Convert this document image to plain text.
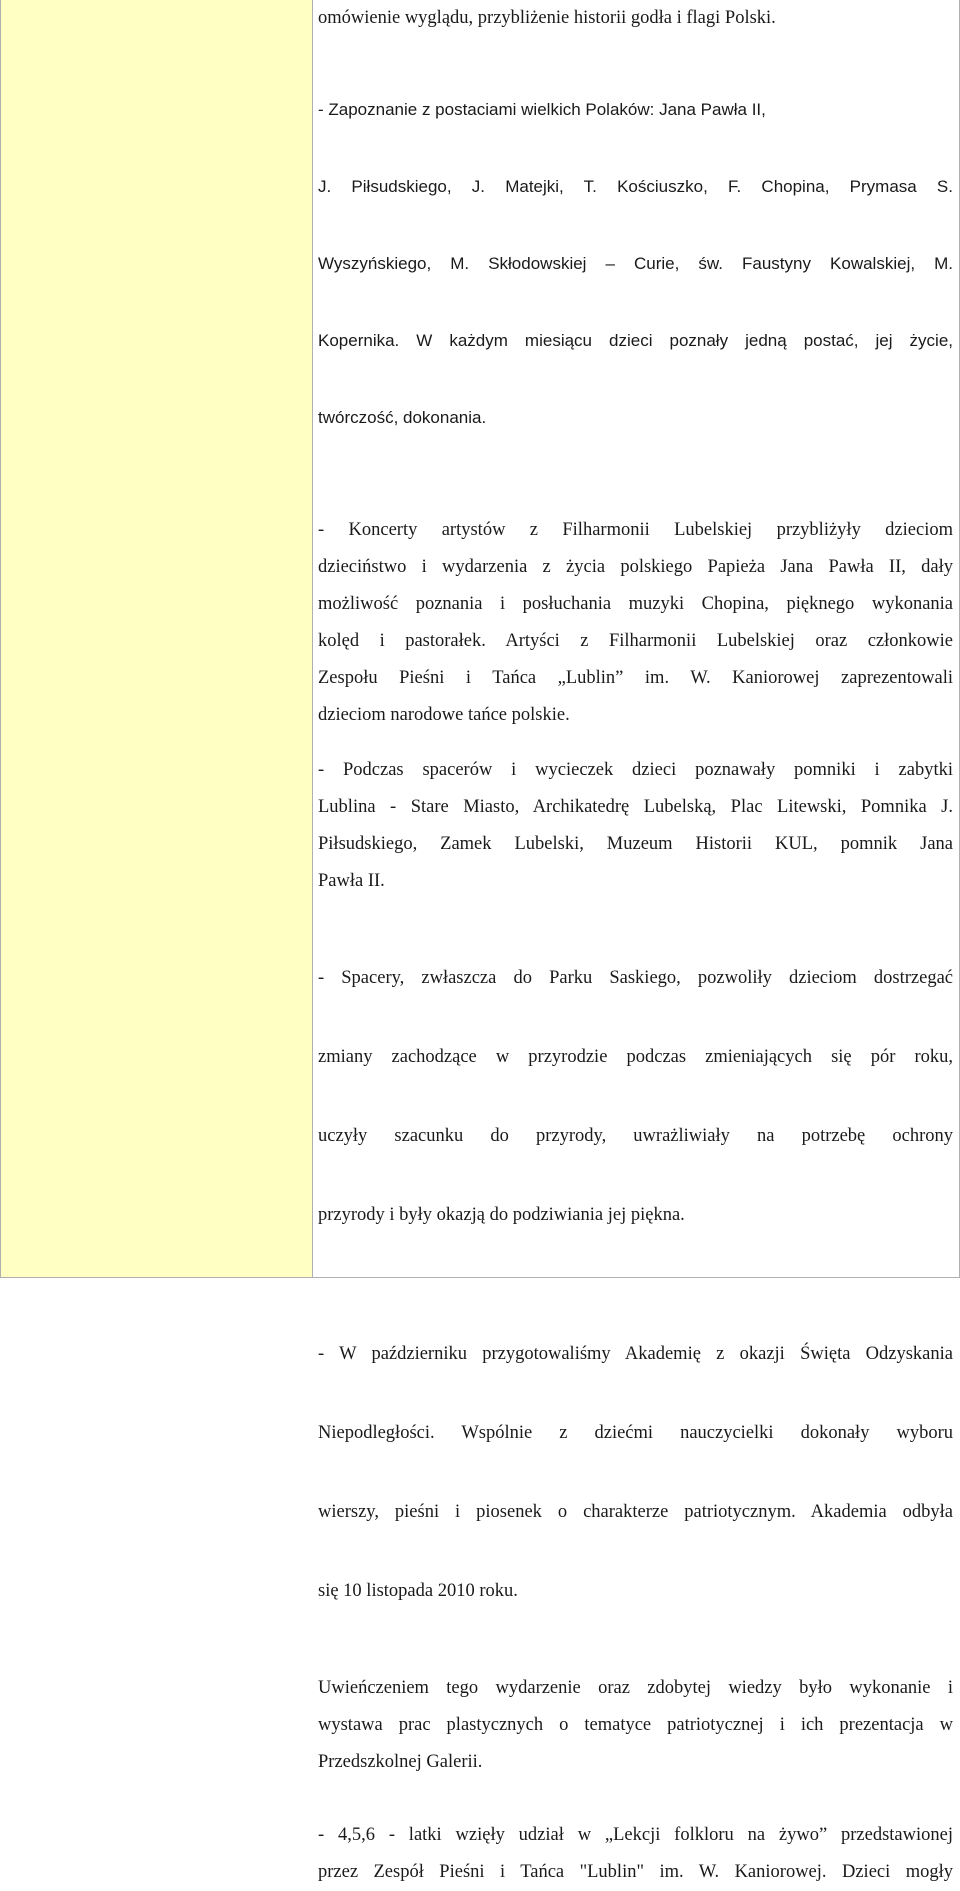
omówienie wyglądu, przybliżenie historii godła i flagi Polski.

- Zapoznanie z postaciami wielkich Polaków: Jana Pawła II,

J. Piłsudskiego, J. Matejki, T. Kościuszko, F. Chopina, Prymasa S.

Wyszyńskiego, M. Skłodowskiej – Curie, św. Faustyny Kowalskiej, M.

Kopernika. W każdym miesiącu dzieci poznały jedną postać, jej życie,

twórczość, dokonania.

- Koncerty artystów z Filharmonii Lubelskiej przybliżyły dzieciom
dzieciństwo i wydarzenia z życia polskiego Papieża Jana Pawła II, dały
możliwość poznania i posłuchania muzyki Chopina, pięknego wykonania
kolęd i pastorałek. Artyści z Filharmonii Lubelskiej oraz członkowie
Zespołu Pieśni i Tańca „Lublin” im. W. Kaniorowej zaprezentowali
dzieciom narodowe tańce polskie.
- Podczas spacerów i wycieczek dzieci poznawały pomniki i zabytki
Lublina - Stare Miasto, Archikatedrę Lubelską, Plac Litewski, Pomnika J.
Piłsudskiego, Zamek Lubelski, Muzeum Historii KUL, pomnik Jana
Pawła II.

- Spacery, zwłaszcza do Parku Saskiego, pozwoliły dzieciom dostrzegać

zmiany zachodzące w przyrodzie podczas zmieniających się pór roku,

uczyły szacunku do przyrody, uwrażliwiały na potrzebę ochrony

przyrody i były okazją do podziwiania jej piękna.

- W październiku przygotowaliśmy Akademię z okazji Święta Odzyskania

Niepodległości. Wspólnie z dziećmi nauczycielki dokonały wyboru

wierszy, pieśni i piosenek o charakterze patriotycznym. Akademia odbyła

się 10 listopada 2010 roku.

Uwieńczeniem tego wydarzenie oraz zdobytej wiedzy było wykonanie i
wystawa prac plastycznych o tematyce patriotycznej i ich prezentacja w
Przedszkolnej Galerii.
- 4,5,6 - latki wzięły udział w „Lekcji folkloru na żywo” przedstawionej
przez Zespół Pieśni i Tańca "Lublin" im. W. Kaniorowej. Dzieci mogły
